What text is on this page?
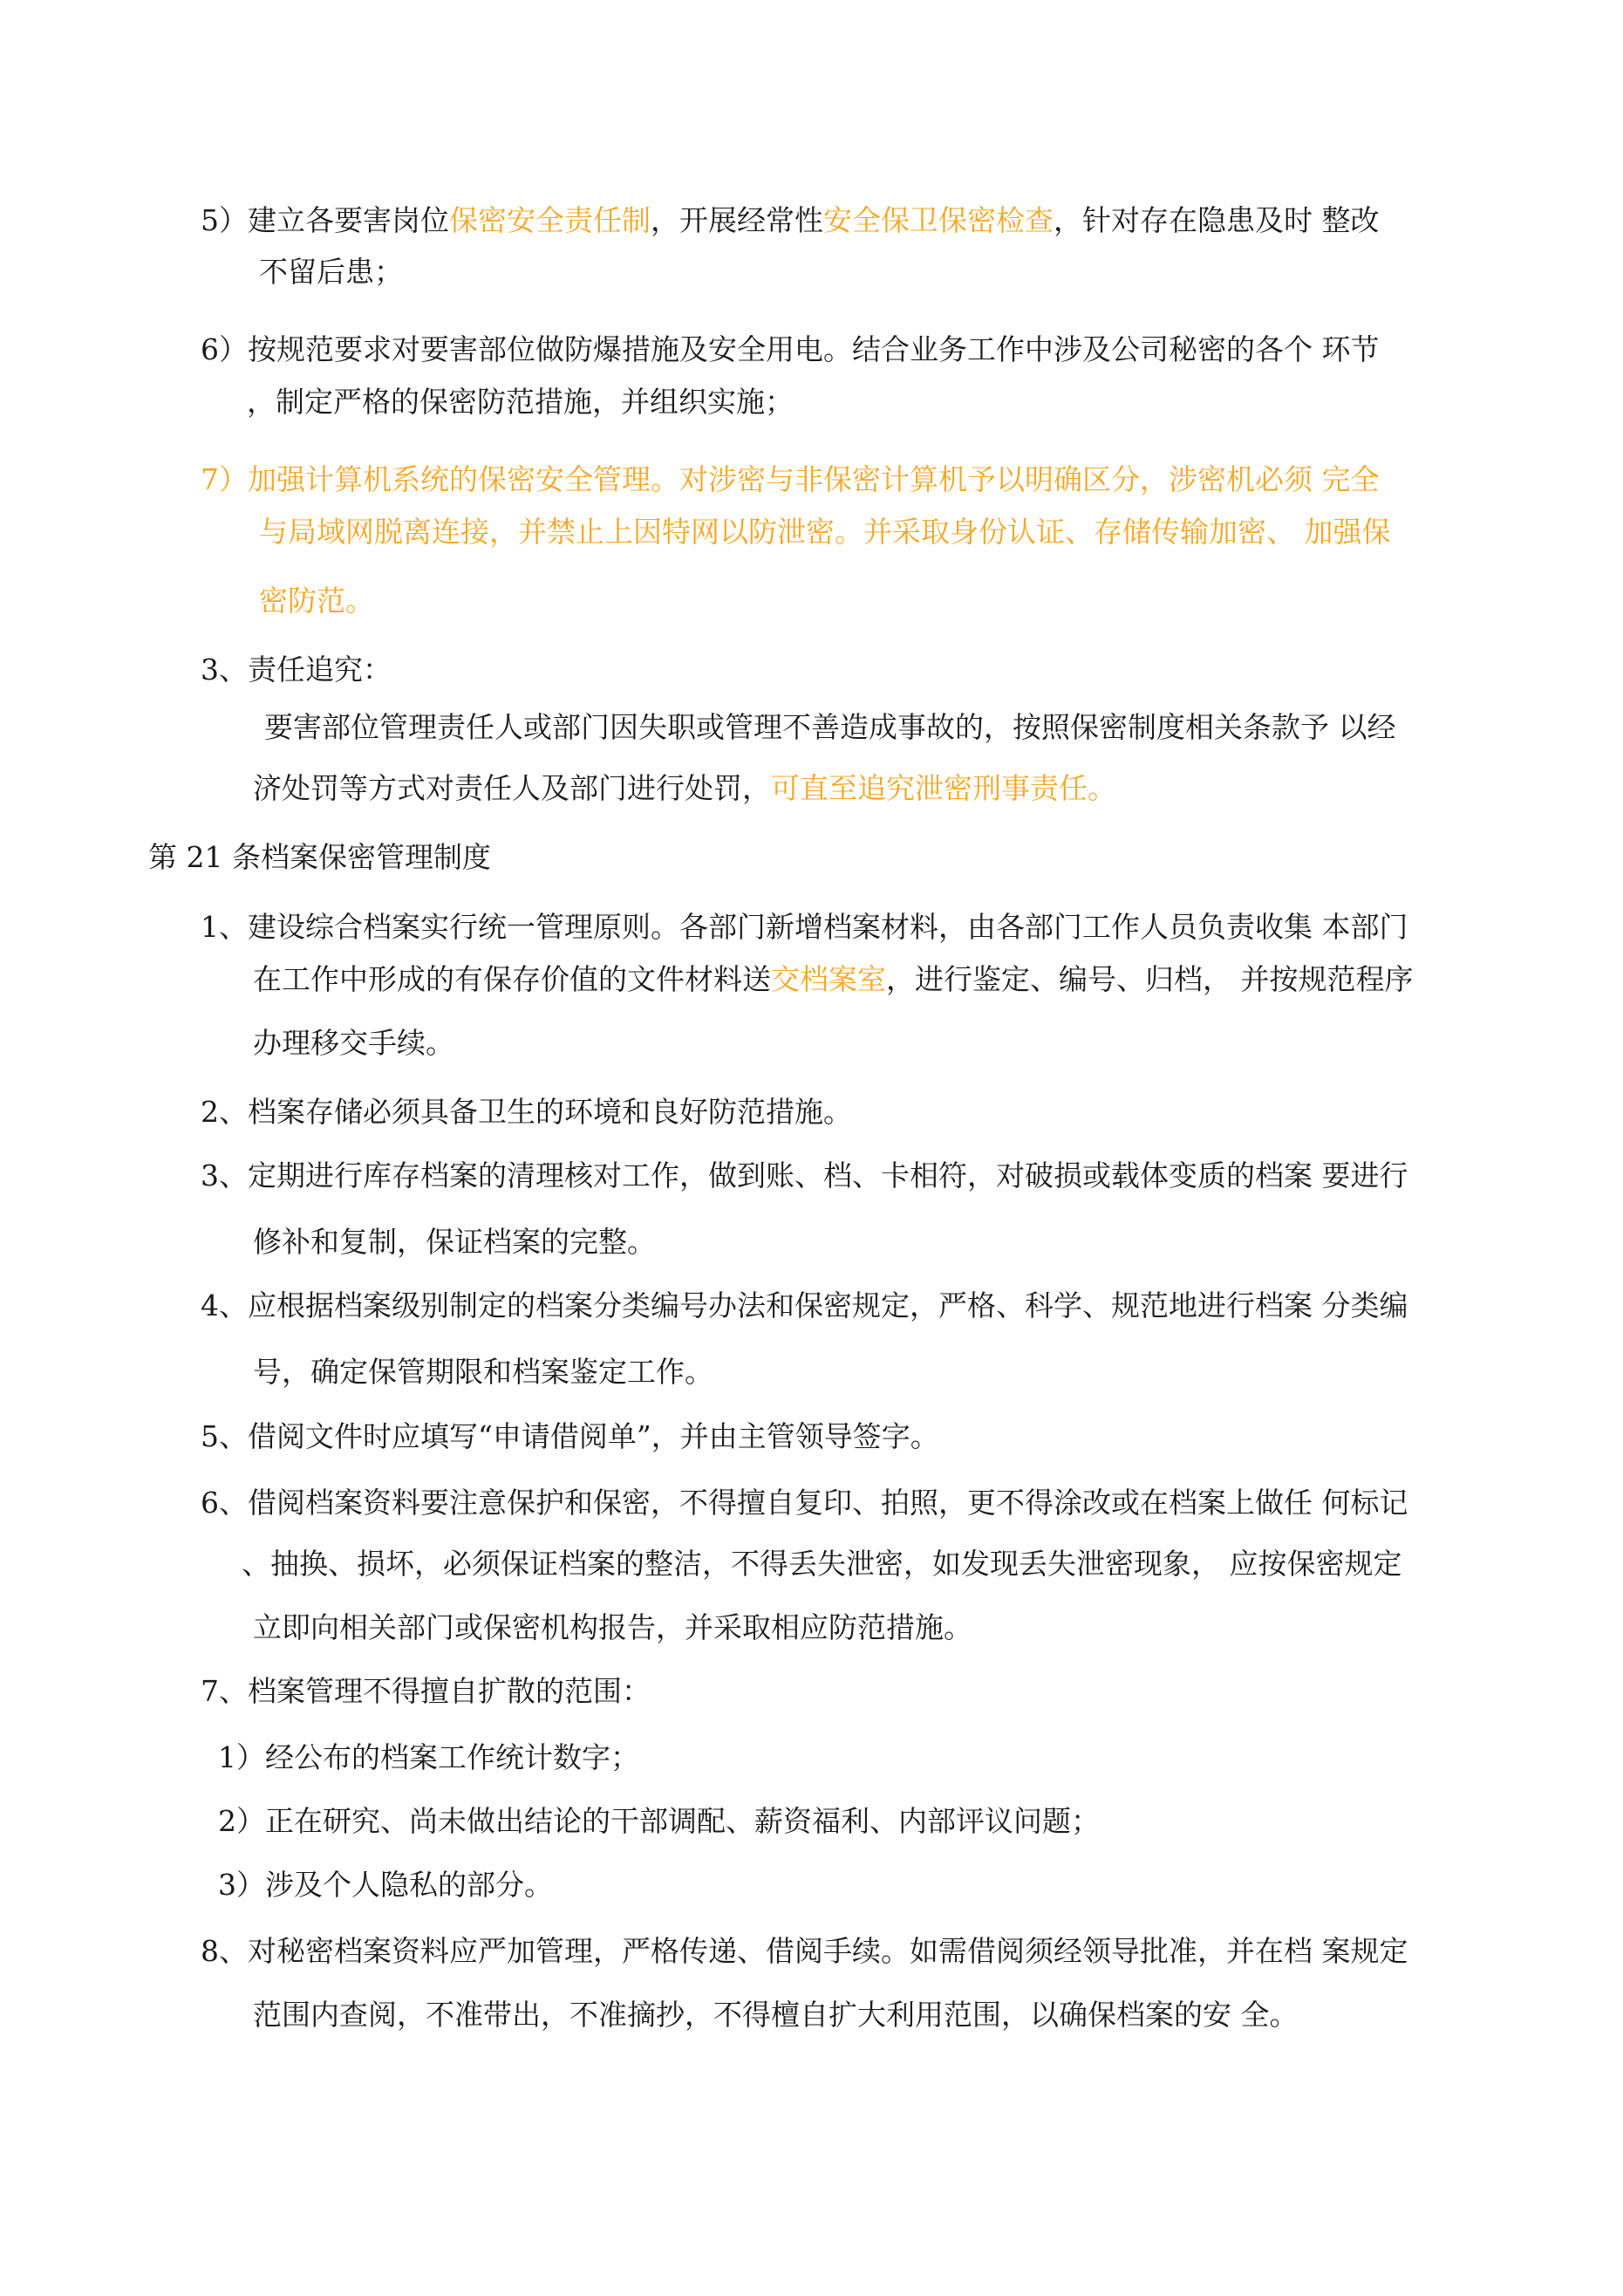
5）建立各要害岗位保密安全责任制，开展经常性安全保卫保密检查，针对存在隐患及时 整改

不留后患；

6）按规范要求对要害部位做防爆措施及安全用电。结合业务工作中涉及公司秘密的各个 环节

，制定严格的保密防范措施，并组织实施；

7）加强计算机系统的保密安全管理。对涉密与非保密计算机予以明确区分，涉密机必须 完全

与局域网脱离连接，并禁止上因特网以防泄密。并采取身份认证、存储传输加密、 加强保

密防范。

3、责任追究：

要害部位管理责任人或部门因失职或管理不善造成事故的，按照保密制度相关条款予 以经

济处罚等方式对责任人及部门进行处罚，可直至追究泄密刑事责任。

第 21 条档案保密管理制度

1、建设综合档案实行统一管理原则。各部门新增档案材料，由各部门工作人员负责收集 本部门

在工作中形成的有保存价值的文件材料送交档案室，进行鉴定、编号、归档， 并按规范程序

办理移交手续。

2、档案存储必须具备卫生的环境和良好防范措施。

3、定期进行库存档案的清理核对工作，做到账、档、卡相符，对破损或载体变质的档案 要进行

修补和复制，保证档案的完整。

4、应根据档案级别制定的档案分类编号办法和保密规定，严格、科学、规范地进行档案 分类编

号，确定保管期限和档案鉴定工作。

5、借阅文件时应填写“申请借阅单”，并由主管领导签字。

6、借阅档案资料要注意保护和保密，不得擅自复印、拍照，更不得涂改或在档案上做任 何标记

、抽换、损坏，必须保证档案的整洁，不得丢失泄密，如发现丢失泄密现象， 应按保密规定

立即向相关部门或保密机构报告，并采取相应防范措施。

7、档案管理不得擅自扩散的范围：

1）经公布的档案工作统计数字；

2）正在研究、尚未做出结论的干部调配、薪资福利、内部评议问题；

3）涉及个人隐私的部分。

8、对秘密档案资料应严加管理，严格传递、借阅手续。如需借阅须经领导批准，并在档 案规定

范围内查阅，不准带出，不准摘抄，不得檀自扩大利用范围，以确保档案的安 全。
